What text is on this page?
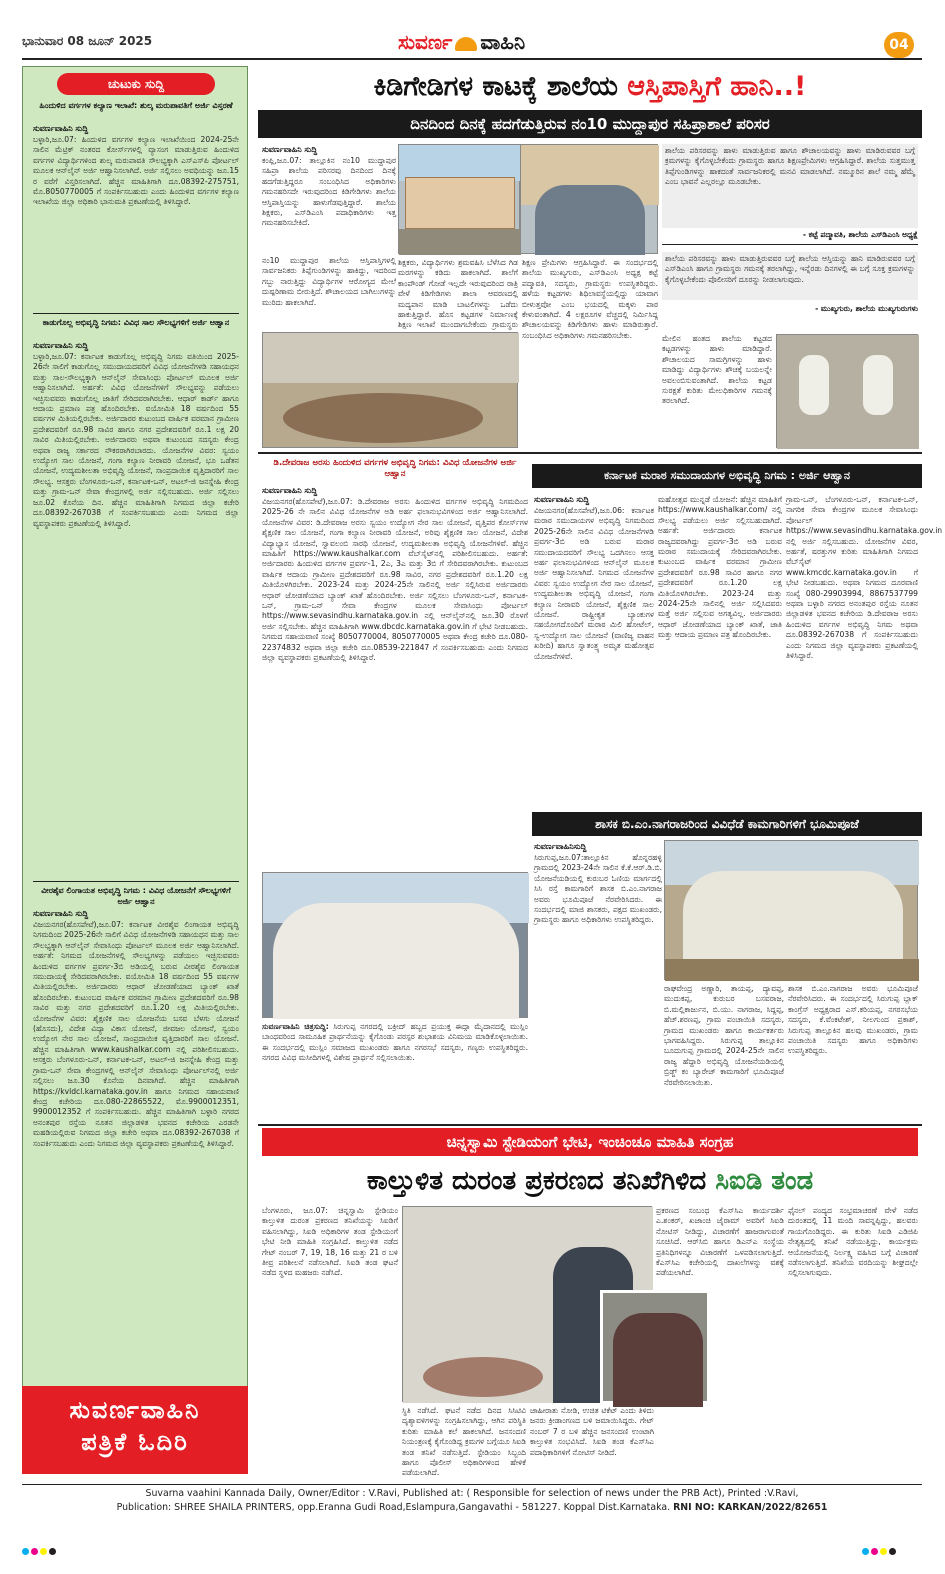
ಭಾನುವಾರ 08 ಜೂನ್ 2025	ಸುವರ್ಣ ವಾಹಿನಿ	04
ಚುಟುಕು ಸುದ್ದಿ
ಹಿಂದುಳಿದ ವರ್ಗಗಳ ಕಲ್ಯಾಣ ಇಲಾಖೆ: ಶುಲ್ಕ ಮರುಪಾವತಿಗೆ ಅರ್ಜಿ ವಿಸ್ತರಣೆ
ಸುವರ್ಣವಾಹಿನಿ ಸುದ್ದಿ
ಬಳ್ಳಾರಿ,ಜೂ.07: ಹಿಂದುಳಿದ ವರ್ಗಗಳ ಕಲ್ಯಾಣ ಇಲಾಖೆಯಿಂದ 2024-25ನೇ ಸಾಲಿನ ಮೆಟ್ರಿಕ್ ನಂತರದ ಕೋರ್ಸ್‌ಗಳಲ್ಲಿ ವ್ಯಾಸಂಗ ಮಾಡುತ್ತಿರುವ ಹಿಂದುಳಿದ ವರ್ಗಗಳ ವಿದ್ಯಾರ್ಥಿಗಳಿಂದ ಶುಲ್ಕ ಮರುಪಾವತಿ ಸೌಲಭ್ಯಕ್ಕಾಗಿ ಎಸ್‌ಎಸ್‌ಪಿ ಪೋರ್ಟಲ್ ಮೂಲಕ ಆನ್‌ಲೈನ್ ಅರ್ಜಿ ಆಹ್ವಾನಿಸಲಾಗಿದೆ. ಅರ್ಜಿ ಸಲ್ಲಿಸಲು ಅವಧಿಯನ್ನು ಜೂ.15 ರ ವರೆಗೆ ವಿಸ್ತರಿಸಲಾಗಿದೆ. ಹೆಚ್ಚಿನ ಮಾಹಿತಿಗಾಗಿ ದೂ.08392-275751, ಮೊ.8050770005 ಗೆ ಸಂಪರ್ಕಿಸಬಹುದು ಎಂದು ಹಿಂದುಳಿದ ವರ್ಗಗಳ ಕಲ್ಯಾಣ ಇಲಾಖೆಯ ಜಿಲ್ಲಾ ಅಧಿಕಾರಿ ಭಾನುಮತಿ ಪ್ರಕಟಣೆಯಲ್ಲಿ ತಿಳಿಸಿದ್ದಾರೆ.
ಕಾಡುಗೊಲ್ಲ ಅಭಿವೃದ್ಧಿ ನಿಗಮ: ವಿವಿಧ ಸಾಲ ಸೌಲಭ್ಯಗಳಿಗೆ ಅರ್ಜಿ ಆಹ್ವಾನ
ಸುವರ್ಣವಾಹಿನಿ ಸುದ್ದಿ
ಬಳ್ಳಾರಿ,ಜೂ.07: ಕರ್ನಾಟಕ ಕಾಡುಗೊಲ್ಲ ಅಭಿವೃದ್ಧಿ ನಿಗಮ ವತಿಯಿಂದ 2025-26ನೇ ಸಾಲಿಗೆ ಕಾಡುಗೊಲ್ಲ ಸಮುದಾಯದವರಿಗೆ ವಿವಿಧ ಯೋಜನೆಗಳಡಿ ಸಹಾಯಧನ ಮತ್ತು ಸಾಲ-ಸೌಲಭ್ಯಕ್ಕಾಗಿ ಆನ್‌ಲೈನ್ ಸೇವಾಸಿಂಧು ಪೋರ್ಟಲ್ ಮೂಲಕ ಅರ್ಜಿ ಆಹ್ವಾನಿಸಲಾಗಿದೆ. ಅರ್ಹತೆ: ವಿವಿಧ ಯೋಜನೆಗಳಿಗೆ ಸೌಲಭ್ಯವನ್ನು ಪಡೆಯಲು ಇಚ್ಛಿಸುವವರು ಕಾಡುಗೊಲ್ಲ ಜಾತಿಗೆ ಸೇರಿದವರಾಗಿರಬೇಕು. ಆಧಾರ್ ಕಾರ್ಡ್ ಹಾಗೂ ಆದಾಯ ಪ್ರಮಾಣ ಪತ್ರ ಹೊಂದಿರಬೇಕು. ವಯೋಮಿತಿ 18 ವರ್ಷದಿಂದ 55 ವರ್ಷಗಳ ಮಿತಿಯಲ್ಲಿರಬೇಕು. ಅರ್ಜಿದಾರರ ಕುಟುಂಬದ ವಾರ್ಷಿಕ ವರಮಾನ ಗ್ರಾಮೀಣ ಪ್ರದೇಶದವರಿಗೆ ರೂ.98 ಸಾವಿರ ಹಾಗೂ ನಗರ ಪ್ರದೇಶದವರಿಗೆ ರೂ.1 ಲಕ್ಷ 20 ಸಾವಿರ ಮಿತಿಯಲ್ಲಿರಬೇಕು. ಅರ್ಜಿದಾರರು ಅಥವಾ ಕುಟುಂಬದ ಸದಸ್ಯರು ಕೇಂದ್ರ ಅಥವಾ ರಾಜ್ಯ ಸರ್ಕಾರದ ನೌಕರರಾಗಿರಬಾರದು. ಯೋಜನೆಗಳ ವಿವರ: ಸ್ವಯಂ ಉದ್ಯೋಗ ಸಾಲ ಯೋಜನೆ, ಗಂಗಾ ಕಲ್ಯಾಣ ನೀರಾವರಿ ಯೋಜನೆ, ಭೂ ಒಡೆತನ ಯೋಜನೆ, ಉದ್ಯಮಶೀಲತಾ ಅಭಿವೃದ್ಧಿ ಯೋಜನೆ, ಸಾಂಪ್ರದಾಯಿಕ ವೃತ್ತಿದಾರರಿಗೆ ಸಾಲ ಸೌಲಭ್ಯ. ಆಸಕ್ತರು ಬೆಂಗಳೂರು-ಒನ್, ಕರ್ನಾಟಕ-ಒನ್, ಅಟಲ್-ಜಿ ಜನಸ್ನೇಹಿ ಕೇಂದ್ರ ಮತ್ತು ಗ್ರಾಮ-ಒನ್ ಸೇವಾ ಕೇಂದ್ರಗಳಲ್ಲಿ ಅರ್ಜಿ ಸಲ್ಲಿಸಬಹುದು. ಅರ್ಜಿ ಸಲ್ಲಿಸಲು ಜೂ.02 ಕೊನೆಯ ದಿನ. ಹೆಚ್ಚಿನ ಮಾಹಿತಿಗಾಗಿ ನಿಗಮದ ಜಿಲ್ಲಾ ಕಚೇರಿ ದೂ.08392-267038 ಗೆ ಸಂಪರ್ಕಿಸಬಹುದು ಎಂದು ನಿಗಮದ ಜಿಲ್ಲಾ ವ್ಯವಸ್ಥಾಪಕರು ಪ್ರಕಟಣೆಯಲ್ಲಿ ತಿಳಿಸಿದ್ದಾರೆ.
ವೀರಶೈವ ಲಿಂಗಾಯತ ಅಭಿವೃದ್ಧಿ ನಿಗಮ : ವಿವಿಧ ಯೋಜನೆಗೆ ಸೌಲಭ್ಯಗಳಿಗೆ ಅರ್ಜಿ ಆಹ್ವಾನ
ಸುವರ್ಣವಾಹಿನಿ ಸುದ್ದಿ
ವಿಜಯನಗರ(ಹೊಸಪೇಟೆ),ಜೂ.07: ಕರ್ನಾಟಕ ವೀರಶೈವ ಲಿಂಗಾಯತ ಅಭಿವೃದ್ಧಿ ನಿಗಮದಿಂದ 2025-26ನೇ ಸಾಲಿಗೆ ವಿವಿಧ ಯೋಜನೆಗಳಡಿ ಸಹಾಯಧನ ಮತ್ತು ಸಾಲ ಸೌಲಭ್ಯಕ್ಕಾಗಿ ಆನ್‌ಲೈನ್ ಸೇವಾಸಿಂಧು ಪೋರ್ಟಲ್ ಮೂಲಕ ಅರ್ಜಿ ಆಹ್ವಾನಿಸಲಾಗಿದೆ. ಅರ್ಹತೆ: ನಿಗಮದ ಯೋಜನೆಗಳಲ್ಲಿ ಸೌಲಭ್ಯಗಳನ್ನು ಪಡೆಯಲು ಇಚ್ಛಿಸುವವರು ಹಿಂದುಳಿದ ವರ್ಗಗಳ ಪ್ರವರ್ಗ-3ಬಿ ಅಡಿಯಲ್ಲಿ ಬರುವ ವೀರಶೈವ ಲಿಂಗಾಯತ ಸಮುದಾಯಕ್ಕೆ ಸೇರಿದವರಾಗಿರಬೇಕು. ವಯೋಮಿತಿ 18 ವರ್ಷದಿಂದ 55 ವರ್ಷಗಳ ಮಿತಿಯಲ್ಲಿರಬೇಕು. ಅರ್ಜಿದಾರರು ಆಧಾರ್ ಜೋಡಣೆಯಾದ ಬ್ಯಾಂಕ್ ಖಾತೆ ಹೊಂದಿರಬೇಕು. ಕುಟುಂಬದ ವಾರ್ಷಿಕ ವರಮಾನ ಗ್ರಾಮೀಣ ಪ್ರದೇಶದವರಿಗೆ ರೂ.98 ಸಾವಿರ ಮತ್ತು ನಗರ ಪ್ರದೇಶದವರಿಗೆ ರೂ.1.20 ಲಕ್ಷ ಮಿತಿಯಲ್ಲಿರಬೇಕು. ಯೋಜನೆಗಳ ವಿವರ: ಶೈಕ್ಷಣಿಕ ಸಾಲ ಯೋಜನೆಯ ಬಸವ ಬೆಳಗು ಯೋಜನೆ (ಹೊಸದು), ವಿದೇಶ ವಿದ್ಯಾ ವಿಕಾಸ ಯೋಜನೆ, ಜೀವಜಲ ಯೋಜನೆ, ಸ್ವಯಂ ಉದ್ಯೋಗ ನೇರ ಸಾಲ ಯೋಜನೆ, ಸಾಂಪ್ರದಾಯಿಕ ವೃತ್ತಿದಾರರಿಗೆ ಸಾಲ ಯೋಜನೆ. ಹೆಚ್ಚಿನ ಮಾಹಿತಿಗಾಗಿ www.kaushalkar.com ನಲ್ಲಿ ಪರಿಶೀಲಿಸಬಹುದು. ಆಸಕ್ತರು ಬೆಂಗಳೂರು-ಒನ್, ಕರ್ನಾಟಕ-ಒನ್, ಅಟಲ್-ಜಿ ಜನಸ್ನೇಹಿ ಕೇಂದ್ರ ಮತ್ತು ಗ್ರಾಮ-ಒನ್ ಸೇವಾ ಕೇಂದ್ರಗಳಲ್ಲಿ ಆನ್‌ಲೈನ್ ಸೇವಾಸಿಂಧು ಪೋರ್ಟಲ್‌ನಲ್ಲಿ ಅರ್ಜಿ ಸಲ್ಲಿಸಲು ಜೂ.30 ಕೊನೆಯ ದಿನವಾಗಿದೆ. ಹೆಚ್ಚಿನ ಮಾಹಿತಿಗಾಗಿ https://kvldcl.karnataka.gov.in ಹಾಗೂ ನಿಗಮದ ಸಹಾಯವಾಣಿ ಕೇಂದ್ರ ಕಚೇರಿಯ ದೂ.080-22865522, ಮೊ.9900012351, 9900012352 ಗೆ ಸಂಪರ್ಕಿಸಬಹುದು. ಹೆಚ್ಚಿನ ಮಾಹಿತಿಗಾಗಿ ಬಳ್ಳಾರಿ ನಗರದ ಅನಂತಪುರ ರಸ್ತೆಯ ನೂತನ ಜಿಲ್ಲಾಡಳಿತ ಭವನದ ಕಚೇರಿಯ ಎರಡನೇ ಮಹಡಿಯಲ್ಲಿರುವ ನಿಗಮದ ಜಿಲ್ಲಾ ಕಚೇರಿ ಅಥವಾ ದೂ.08392-267038 ಗೆ ಸಂಪರ್ಕಿಸಬಹುದು ಎಂದು ನಿಗಮದ ಜಿಲ್ಲಾ ವ್ಯವಸ್ಥಾಪಕರು ಪ್ರಕಟಣೆಯಲ್ಲಿ ತಿಳಿಸಿದ್ದಾರೆ.
ಸುವರ್ಣವಾಹಿನಿ
ಪತ್ರಿಕೆ ಓದಿರಿ
ಕಿಡಿಗೇಡಿಗಳ ಕಾಟಕ್ಕೆ ಶಾಲೆಯ ಆಸ್ತಿಪಾಸ್ತಿಗೆ ಹಾನಿ..!
ದಿನದಿಂದ ದಿನಕ್ಕೆ ಹದಗೆಡುತ್ತಿರುವ ನಂ10 ಮುದ್ದಾಪುರ ಸಹಿಪ್ರಾಶಾಲೆ ಪರಿಸರ
ಸುವರ್ಣವಾಹಿನಿ ಸುದ್ದಿ
ಕಂಪ್ಲಿ,ಜೂ.07: ತಾಲ್ಲೂಕಿನ ನಂ10 ಮುದ್ದಾಪುರ ಸಹಿಪ್ರಾ ಶಾಲೆಯ ಪರಿಸರವು ದಿನದಿಂದ ದಿನಕ್ಕೆ ಹದಗೆಡುತ್ತಿದ್ದರೂ ಸಂಬಂಧಿಸಿದ ಅಧಿಕಾರಿಗಳು ಗಮನಹರಿಸದೇ ಇರುವುದರಿಂದ ಕಿಡಿಗೇಡಿಗಳು ಶಾಲೆಯ ಆಸ್ತಿಪಾಸ್ತಿಯನ್ನು ಹಾಳುಗೆಡವುತ್ತಿದ್ದಾರೆ. ಶಾಲೆಯ ಶಿಕ್ಷಕರು, ಎಸ್‌ಡಿಎಂಸಿ ಪದಾಧಿಕಾರಿಗಳು ಇತ್ತ ಗಮನಹರಿಸಬೇಕಿದೆ.
ನಂ10 ಮುದ್ದಾಪುರ ಶಾಲೆಯ ಆಸ್ತಿಪಾಸ್ತಿಗಳಲ್ಲಿ ಸಾರ್ವಜನಿಕರು ತಿಪ್ಪೆಗುಂಡಿಗಳನ್ನು ಹಾಕಿದ್ದು, ಇದರಿಂದ ಗಬ್ಬು ನಾರುತ್ತಿದ್ದು ವಿದ್ಯಾರ್ಥಿಗಳ ಆರೋಗ್ಯದ ಮೇಲೆ ದುಷ್ಪರಿಣಾಮ ಬೀರುತ್ತಿದೆ. ಶೌಚಾಲಯದ ಬಾಗಿಲುಗಳನ್ನು ಮುರಿದು ಹಾಕಲಾಗಿದೆ.
ಶಿಕ್ಷಕರು, ವಿದ್ಯಾರ್ಥಿಗಳು ಶ್ರಮವಹಿಸಿ ಬೆಳೆಸಿದ ಗಿಡ ಮರಗಳನ್ನು ಕಡಿದು ಹಾಕಲಾಗಿದೆ. ಶಾಲೆಗೆ ಕಾಂಪೌಂಡ್ ಗೋಡೆ ಇಲ್ಲದೇ ಇರುವುದರಿಂದ ರಾತ್ರಿ ವೇಳೆ ಕಿಡಿಗೇಡಿಗಳು ಶಾಲಾ ಆವರಣದಲ್ಲಿ ಮದ್ಯಪಾನ ಮಾಡಿ ಬಾಟಲಿಗಳನ್ನು ಒಡೆದು ಹಾಕುತ್ತಿದ್ದಾರೆ. ಹೊಸ ಕಟ್ಟಡಗಳ ನಿರ್ಮಾಣಕ್ಕೆ ಶಿಕ್ಷಣ ಇಲಾಖೆ ಮುಂದಾಗಬೇಕೆಂದು ಗ್ರಾಮಸ್ಥರು
ಶಿಕ್ಷಣ ಪ್ರೇಮಿಗಳು ಆಗ್ರಹಿಸಿದ್ದಾರೆ. ಈ ಸಂದರ್ಭದಲ್ಲಿ ಶಾಲೆಯ ಮುಖ್ಯಗುರು, ಎಸ್‌ಡಿಎಂಸಿ ಅಧ್ಯಕ್ಷ ಕಟ್ಟೆ ಪದ್ಮಾವತಿ, ಸದಸ್ಯರು, ಗ್ರಾಮಸ್ಥರು ಉಪಸ್ಥಿತರಿದ್ದರು. ಹಳೆಯ ಕಟ್ಟಡಗಳು ಶಿಥಿಲಾವಸ್ಥೆಯಲ್ಲಿದ್ದು ಯಾವಾಗ ಬೀಳುತ್ತವೋ ಎಂಬ ಭಯದಲ್ಲಿ ಮಕ್ಕಳು ಪಾಠ ಕೇಳುವಂತಾಗಿದೆ. 4 ಲಕ್ಷರೂಗಳ ವೆಚ್ಚದಲ್ಲಿ ನಿರ್ಮಿಸಿದ್ದ ಶೌಚಾಲಯವನ್ನು ಕಿಡಿಗೇಡಿಗಳು ಹಾಳು ಮಾಡಿರುತ್ತಾರೆ. ಸಂಬಂಧಿಸಿದ ಅಧಿಕಾರಿಗಳು ಗಮನಹರಿಸಬೇಕು.
ಶಾಲೆಯ ಪರಿಸರವನ್ನು ಹಾಳು ಮಾಡುತ್ತಿರುವ ಹಾಗೂ ಶೌಚಾಲಯವನ್ನು ಹಾಳು ಮಾಡಿರುವವರ ಬಗ್ಗೆ ಕ್ರಮಗಳನ್ನು ಕೈಗೊಳ್ಳಬೇಕೆಂದು ಗ್ರಾಮಸ್ಥರು ಹಾಗೂ ಶಿಕ್ಷಣಪ್ರೇಮಿಗಳು ಆಗ್ರಹಿಸಿದ್ದಾರೆ. ಶಾಲೆಯ ಸುತ್ತಮುತ್ತ ತಿಪ್ಪೆಗುಂಡಿಗಳನ್ನು ಹಾಕದಂತೆ ಸಾರ್ವಜನಿಕರಲ್ಲಿ ಮನವಿ ಮಾಡಲಾಗಿದೆ. ನಮ್ಮೂರಿನ ಶಾಲೆ ನಮ್ಮ ಹೆಮ್ಮೆ ಎಂಬ ಭಾವನೆ ಎಲ್ಲರಲ್ಲೂ ಮೂಡಬೇಕು.
- ಕಟ್ಟೆ ಪದ್ಮಾವತಿ, ಶಾಲೆಯ ಎಸ್‌ಡಿಎಂಸಿ ಅಧ್ಯಕ್ಷೆ
ಶಾಲೆಯ ಪರಿಸರವನ್ನು ಹಾಳು ಮಾಡುತ್ತಿರುವವರ ಬಗ್ಗೆ ಶಾಲೆಯ ಆಸ್ತಿಯನ್ನು ಹಾನಿ ಮಾಡಿರುವವರ ಬಗ್ಗೆ ಎಸ್‌ಡಿಎಂಸಿ ಹಾಗೂ ಗ್ರಾಮಸ್ಥರು ಗಮನಕ್ಕೆ ತರಲಾಗಿದ್ದು, ಇನ್ನೆರಡು ದಿನಗಳಲ್ಲಿ ಈ ಬಗ್ಗೆ ಸೂಕ್ತ ಕ್ರಮಗಳನ್ನು ಕೈಗೊಳ್ಳಬೇಕೆಂದು ಪೊಲೀಸರಿಗೆ ದೂರನ್ನು ನೀಡಲಾಗುವುದು.
- ಮುಖ್ಯಗುರು, ಶಾಲೆಯ ಮುಖ್ಯಗುರುಗಳು
ಮೇಲಿನ ಹಂತದ ಶಾಲೆಯ ಕಟ್ಟಡದ ಕಟ್ಟಡಗಳನ್ನು ಹಾಳು ಮಾಡಿದ್ದಾರೆ. ಶೌಚಾಲಯದ ಸಾಮಗ್ರಿಗಳನ್ನು ಹಾಳು ಮಾಡಿದ್ದು ವಿದ್ಯಾರ್ಥಿಗಳು ಶೌಚಕ್ಕೆ ಬಯಲನ್ನೇ ಅವಲಂಬಿಸುವಂತಾಗಿದೆ. ಶಾಲೆಯ ಕಟ್ಟಡ ಸುರಕ್ಷತೆ ಕುರಿತು ಮೇಲಧಿಕಾರಿಗಳ ಗಮನಕ್ಕೆ ತರಲಾಗಿದೆ.
ಡಿ.ದೇವರಾಜ ಅರಸು ಹಿಂದುಳಿದ ವರ್ಗಗಳ ಅಭಿವೃದ್ಧಿ ನಿಗಮ: ವಿವಿಧ ಯೋಜನೆಗಳ ಅರ್ಜಿ ಆಹ್ವಾನ
ಸುವರ್ಣವಾಹಿನಿ ಸುದ್ದಿ
ವಿಜಯನಗರ(ಹೊಸಪೇಟೆ),ಜೂ.07: ಡಿ.ದೇವರಾಜ ಅರಸು ಹಿಂದುಳಿದ ವರ್ಗಗಳ ಅಭಿವೃದ್ಧಿ ನಿಗಮದಿಂದ 2025-26 ನೇ ಸಾಲಿನ ವಿವಿಧ ಯೋಜನೆಗಳ ಅಡಿ ಅರ್ಹ ಫಲಾನುಭವಿಗಳಿಂದ ಅರ್ಜಿ ಆಹ್ವಾನಿಸಲಾಗಿದೆ. ಯೋಜನೆಗಳ ವಿವರ: ಡಿ.ದೇವರಾಜ ಅರಸು ಸ್ವಯಂ ಉದ್ಯೋಗ ನೇರ ಸಾಲ ಯೋಜನೆ, ವೃತ್ತಿಪರ ಕೋರ್ಸ್‌ಗಳ ಶೈಕ್ಷಣಿಕ ಸಾಲ ಯೋಜನೆ, ಗಂಗಾ ಕಲ್ಯಾಣ ನೀರಾವರಿ ಯೋಜನೆ, ಅರಿವು ಶೈಕ್ಷಣಿಕ ಸಾಲ ಯೋಜನೆ, ವಿದೇಶ ವಿದ್ಯಾಭ್ಯಾಸ ಯೋಜನೆ, ಸ್ವಾವಲಂಬಿ ಸಾರಥಿ ಯೋಜನೆ, ಉದ್ಯಮಶೀಲತಾ ಅಭಿವೃದ್ಧಿ ಯೋಜನೆಗಳಿವೆ. ಹೆಚ್ಚಿನ ಮಾಹಿತಿಗೆ https://www.kaushalkar.com ವೆಬ್‌ಸೈಟ್‌ನಲ್ಲಿ ಪರಿಶೀಲಿಸಬಹುದು. ಅರ್ಹತೆ: ಅರ್ಜಿದಾರರು ಹಿಂದುಳಿದ ವರ್ಗಗಳ ಪ್ರವರ್ಗ-1, 2ಎ, 3ಎ ಮತ್ತು 3ಬಿ ಗೆ ಸೇರಿದವರಾಗಿರಬೇಕು. ಕುಟುಂಬದ ವಾರ್ಷಿಕ ಆದಾಯ ಗ್ರಾಮೀಣ ಪ್ರದೇಶದವರಿಗೆ ರೂ.98 ಸಾವಿರ, ನಗರ ಪ್ರದೇಶದವರಿಗೆ ರೂ.1.20 ಲಕ್ಷ ಮಿತಿಯೊಳಗಿರಬೇಕು. 2023-24 ಮತ್ತು 2024-25ನೇ ಸಾಲಿನಲ್ಲಿ ಅರ್ಜಿ ಸಲ್ಲಿಸಿರುವ ಅರ್ಜಿದಾರರು ಆಧಾರ್ ಜೋಡಣೆಯಾದ ಬ್ಯಾಂಕ್ ಖಾತೆ ಹೊಂದಿರಬೇಕು. ಅರ್ಜಿ ಸಲ್ಲಿಸಲು ಬೆಂಗಳೂರು-ಒನ್, ಕರ್ನಾಟಕ-ಒನ್, ಗ್ರಾಮ-ಒನ್ ಸೇವಾ ಕೇಂದ್ರಗಳ ಮೂಲಕ ಸೇವಾಸಿಂಧು ಪೋರ್ಟಲ್ https://www.sevasindhu.karnataka.gov.in ನಲ್ಲಿ ಆನ್‌ಲೈನ್‌ನಲ್ಲಿ ಜೂ.30 ರೊಳಗೆ ಅರ್ಜಿ ಸಲ್ಲಿಸಬೇಕು. ಹೆಚ್ಚಿನ ಮಾಹಿತಿಗಾಗಿ www.dbcdc.karnataka.gov.in ಗೆ ಭೇಟಿ ನೀಡಬಹುದು. ನಿಗಮದ ಸಹಾಯವಾಣಿ ಸಂಖ್ಯೆ 8050770004, 8050770005 ಅಥವಾ ಕೇಂದ್ರ ಕಚೇರಿ ದೂ.080-22374832 ಅಥವಾ ಜಿಲ್ಲಾ ಕಚೇರಿ ದೂ.08539-221847 ಗೆ ಸಂಪರ್ಕಿಸಬಹುದು ಎಂದು ನಿಗಮದ ಜಿಲ್ಲಾ ವ್ಯವಸ್ಥಾಪಕರು ಪ್ರಕಟಣೆಯಲ್ಲಿ ತಿಳಿಸಿದ್ದಾರೆ.
ಕರ್ನಾಟಕ ಮರಾಠ ಸಮುದಾಯಗಳ ಅಭಿವೃದ್ಧಿ ನಿಗಮ : ಅರ್ಜಿ ಆಹ್ವಾನ
ಸುವರ್ಣವಾಹಿನಿ ಸುದ್ದಿ
ವಿಜಯನಗರ(ಹೊಸಪೇಟೆ),ಜೂ.06: ಕರ್ನಾಟಕ ಮರಾಠ ಸಮುದಾಯಗಳ ಅಭಿವೃದ್ಧಿ ನಿಗಮದಿಂದ 2025-26ನೇ ಸಾಲಿನ ವಿವಿಧ ಯೋಜನೆಗಳಡಿ ಪ್ರವರ್ಗ-3ಬಿ ಅಡಿ ಬರುವ ಮರಾಠ ಸಮುದಾಯದವರಿಗೆ ಸೌಲಭ್ಯ ಒದಗಿಸಲು ಆಸಕ್ತ ಅರ್ಹ ಫಲಾನುಭವಿಗಳಿಂದ ಆನ್‌ಲೈನ್ ಮೂಲಕ ಅರ್ಜಿ ಆಹ್ವಾನಿಸಲಾಗಿದೆ. ನಿಗಮದ ಯೋಜನೆಗಳ ವಿವರ: ಸ್ವಯಂ ಉದ್ಯೋಗ ನೇರ ಸಾಲ ಯೋಜನೆ, ಉದ್ಯಮಶೀಲತಾ ಅಭಿವೃದ್ಧಿ ಯೋಜನೆ, ಗಂಗಾ ಕಲ್ಯಾಣ ನೀರಾವರಿ ಯೋಜನೆ, ಶೈಕ್ಷಣಿಕ ಸಾಲ ಯೋಜನೆ. ರಾಷ್ಟ್ರೀಕೃತ ಬ್ಯಾಂಕುಗಳ ಸಹಯೋಗದೊಂದಿಗೆ ಮರಾಠ ಮಿಲಿ ಹೋಟೆಲ್, ಸ್ವ-ಉದ್ಯೋಗ ಸಾಲ ಯೋಜನೆ (ವಾಣಿಜ್ಯ ವಾಹನ ಖರೀದಿ) ಹಾಗೂ ಸ್ವಾತಂತ್ರ್ಯ ಅಮೃತ ಮಹೋತ್ಸವ ಯೋಜನೆಗಳಿವೆ.
ಮಹೋತ್ಸವ ಮುನ್ನಡೆ ಯೋಜನೆ: ಹೆಚ್ಚಿನ ಮಾಹಿತಿಗೆ https://www.kaushalkar.com/ ನಲ್ಲಿ ಸೌಲಭ್ಯ ಪಡೆಯಲು ಅರ್ಜಿ ಸಲ್ಲಿಸಬಹುದಾಗಿದೆ. ಅರ್ಹತೆ: ಅರ್ಜಿದಾರರು ಕರ್ನಾಟಕ ರಾಜ್ಯದವರಾಗಿದ್ದು ಪ್ರವರ್ಗ-3ಬಿ ಅಡಿ ಬರುವ ಮರಾಠ ಸಮುದಾಯಕ್ಕೆ ಸೇರಿದವರಾಗಿರಬೇಕು. ಕುಟುಂಬದ ವಾರ್ಷಿಕ ವರಮಾನ ಗ್ರಾಮೀಣ ಪ್ರದೇಶದವರಿಗೆ ರೂ.98 ಸಾವಿರ ಹಾಗೂ ನಗರ ಪ್ರದೇಶದವರಿಗೆ ರೂ.1.20 ಲಕ್ಷ ಮಿತಿಯೊಳಗಿರಬೇಕು. 2023-24 ಮತ್ತು 2024-25ನೇ ಸಾಲಿನಲ್ಲಿ ಅರ್ಜಿ ಸಲ್ಲಿಸಿದವರು ಮತ್ತೆ ಅರ್ಜಿ ಸಲ್ಲಿಸುವ ಅಗತ್ಯವಿಲ್ಲ. ಅರ್ಜಿದಾರರು ಆಧಾರ್ ಜೋಡಣೆಯಾದ ಬ್ಯಾಂಕ್ ಖಾತೆ, ಜಾತಿ ಮತ್ತು ಆದಾಯ ಪ್ರಮಾಣ ಪತ್ರ ಹೊಂದಿರಬೇಕು.
ಗ್ರಾಮ-ಒನ್, ಬೆಂಗಳೂರು-ಒನ್, ಕರ್ನಾಟಕ-ಒನ್, ನಾಗರಿಕ ಸೇವಾ ಕೇಂದ್ರಗಳ ಮೂಲಕ ಸೇವಾಸಿಂಧು ಪೋರ್ಟಲ್ https://www.sevasindhu.karnataka.gov.in ನಲ್ಲಿ ಅರ್ಜಿ ಸಲ್ಲಿಸಬಹುದು. ಯೋಜನೆಗಳ ವಿವರ, ಅರ್ಹತೆ, ಷರತ್ತುಗಳ ಕುರಿತು ಮಾಹಿತಿಗಾಗಿ ನಿಗಮದ ವೆಬ್‌ಸೈಟ್ www.kmcdc.karnataka.gov.in ಗೆ ಭೇಟಿ ನೀಡಬಹುದು. ಅಥವಾ ನಿಗಮದ ದೂರವಾಣಿ ಸಂಖ್ಯೆ 080-29903994, 8867537799 ಅಥವಾ ಬಳ್ಳಾರಿ ನಗರದ ಅನಂತಪುರ ರಸ್ತೆಯ ನೂತನ ಜಿಲ್ಲಾಡಳಿತ ಭವನದ ಕಚೇರಿಯ ಡಿ.ದೇವರಾಜ ಅರಸು ಹಿಂದುಳಿದ ವರ್ಗಗಳ ಅಭಿವೃದ್ಧಿ ನಿಗಮ ಅಥವಾ ದೂ.08392-267038 ಗೆ ಸಂಪರ್ಕಿಸಬಹುದು ಎಂದು ನಿಗಮದ ಜಿಲ್ಲಾ ವ್ಯವಸ್ಥಾಪಕರು ಪ್ರಕಟಣೆಯಲ್ಲಿ ತಿಳಿಸಿದ್ದಾರೆ.
ಶಾಸಕ ಬಿ.ಎಂ.ನಾಗರಾಜರಿಂದ ವಿವಿಧೆಡೆ ಕಾಮಗಾರಿಗಳಿಗೆ ಭೂಮಿಪೂಜೆ
ಸುವರ್ಣವಾಹಿನಿಸುದ್ದಿ
ಸಿರುಗುಪ್ಪ,ಜೂ.07:ತಾಲ್ಲೂಕಿನ ಹೊನ್ನರಹಳ್ಳಿ ಗ್ರಾಮದಲ್ಲಿ 2023-24ನೇ ಸಾಲಿನ ಕೆ.ಕೆ.ಆರ್.ಡಿ.ಬಿ. ಯೋಜನೆಯಡಿಯಲ್ಲಿ ಕುರುಬರ ಓಣಿಯ ಮಾರ್ಗದಲ್ಲಿ ಸಿಸಿ ರಸ್ತೆ ಕಾಮಗಾರಿಗೆ ಶಾಸಕ ಬಿ.ಎಂ.ನಾಗರಾಜ ಅವರು ಭೂಮಿಪೂಜೆ ನೆರವೇರಿಸಿದರು. ಈ ಸಂದರ್ಭದಲ್ಲಿ ಮಾಜಿ ಶಾಸಕರು, ಪಕ್ಷದ ಮುಖಂಡರು, ಗ್ರಾಮಸ್ಥರು ಹಾಗೂ ಅಧಿಕಾರಿಗಳು ಉಪಸ್ಥಿತರಿದ್ದರು.
ರಾಘವೇಂದ್ರ ಅಣ್ಣಾರಿ, ತಾಯಪ್ಪ, ದ್ಯಾವಪ್ಪ, ಮುದುಕಪ್ಪ, ಕುರುಬರ ಬಸವರಾಜ, ಬಿ.ಮಲ್ಲಿಕಾರ್ಜುನ, ಬಿ.ಯು. ನಾಗರಾಜ, ಸಿದ್ದಪ್ಪ, ಹೆಚ್.ಶರಣಪ್ಪ, ಗ್ರಾಮ ಪಂಚಾಯಿತಿ ಸದಸ್ಯರು, ಗ್ರಾಮದ ಮುಖಂಡರು ಹಾಗೂ ಕಾರ್ಯಕರ್ತರು ಭಾಗವಹಿಸಿದ್ದರು. ಸಿರುಗುಪ್ಪ ತಾಲ್ಲೂಕಿನ ಬೂದುಗುಪ್ಪ ಗ್ರಾಮದಲ್ಲಿ 2024-25ನೇ ಸಾಲಿನ ರಾಜ್ಯ ಹೆದ್ದಾರಿ ಅಭಿವೃದ್ಧಿ ಯೋಜನೆಯಡಿಯಲ್ಲಿ ಬ್ರಿಡ್ಜ್ ಕಂ ಬ್ಯಾರೇಜ್ ಕಾಮಗಾರಿಗೆ ಭೂಮಿಪೂಜೆ ನೆರವೇರಿಸಲಾಯಿತು.
ಶಾಸಕ ಬಿ.ಎಂ.ನಾಗರಾಜ ಅವರು ಭೂಮಿಪೂಜೆ ನೆರವೇರಿಸಿದರು. ಈ ಸಂದರ್ಭದಲ್ಲಿ ಸಿರುಗುಪ್ಪ ಬ್ಲಾಕ್ ಕಾಂಗ್ರೆಸ್ ಅಧ್ಯಕ್ಷರಾದ ಎಸ್.ಕರಿಯಪ್ಪ, ನಗರಸಭೆಯ ಸದಸ್ಯರು, ಕೆ.ವೆಂಕಟೇಶ್, ನೀಲಗುಂದ ಪ್ರಕಾಶ್, ಸಿರುಗುಪ್ಪ ತಾಲ್ಲೂಕಿನ ಹಲವು ಮುಖಂಡರು, ಗ್ರಾಮ ಪಂಚಾಯಿತಿ ಸದಸ್ಯರು ಹಾಗೂ ಅಧಿಕಾರಿಗಳು ಉಪಸ್ಥಿತರಿದ್ದರು.
ಸುವರ್ಣವಾಹಿನಿ ಚಿತ್ರಸುದ್ದಿ: ಸಿರುಗುಪ್ಪ ನಗರದಲ್ಲಿ ಬಕ್ರೀದ್ ಹಬ್ಬದ ಪ್ರಯುಕ್ತ ಈದ್ಗಾ ಮೈದಾನದಲ್ಲಿ ಮುಸ್ಲಿಂ ಬಾಂಧವರಿಂದ ಸಾಮೂಹಿಕ ಪ್ರಾರ್ಥನೆಯನ್ನು ಕೈಗೊಂಡು ಪರಸ್ಪರ ಶುಭಾಶಯ ವಿನಿಮಯ ಮಾಡಿಕೊಳ್ಳಲಾಯಿತು. ಈ ಸಂದರ್ಭದಲ್ಲಿ ಮುಸ್ಲಿಂ ಸಮಾಜದ ಮುಖಂಡರು ಹಾಗೂ ನಗರಸಭೆ ಸದಸ್ಯರು, ಗಣ್ಯರು ಉಪಸ್ಥಿತರಿದ್ದರು. ನಗರದ ವಿವಿಧ ಮಸೀದಿಗಳಲ್ಲಿ ವಿಶೇಷ ಪ್ರಾರ್ಥನೆ ಸಲ್ಲಿಸಲಾಯಿತು.
ಚಿನ್ನಸ್ವಾಮಿ ಸ್ಟೇಡಿಯಂಗೆ ಭೇಟಿ, ಇಂಚಿಂಚೂ ಮಾಹಿತಿ ಸಂಗ್ರಹ
ಕಾಲ್ತುಳಿತ ದುರಂತ ಪ್ರಕರಣದ ತನಿಖೆಗಿಳಿದ ಸಿಐಡಿ ತಂಡ
ಬೆಂಗಳೂರು, ಜೂ.07: ಚಿನ್ನಸ್ವಾಮಿ ಸ್ಟೇಡಿಯಂ ಕಾಲ್ತುಳಿತ ದುರಂತ ಪ್ರಕರಣದ ತನಿಖೆಯನ್ನು ಸಿಐಡಿಗೆ ವಹಿಸಲಾಗಿದ್ದು, ಸಿಐಡಿ ಅಧಿಕಾರಿಗಳ ತಂಡ ಸ್ಟೇಡಿಯಂಗೆ ಭೇಟಿ ನೀಡಿ ಮಾಹಿತಿ ಸಂಗ್ರಹಿಸಿದೆ. ಕಾಲ್ತುಳಿತ ನಡೆದ ಗೇಟ್ ನಂಬರ್ 7, 19, 18, 16 ಮತ್ತು 21 ರ ಬಳಿ ತೀವ್ರ ಪರಿಶೀಲನೆ ನಡೆಸಲಾಗಿದೆ. ಸಿಐಡಿ ತಂಡ ಘಟನೆ ನಡೆದ ಸ್ಥಳದ ಮಹಜರು ನಡೆಸಿದೆ.
ಸ್ಥಿತಿ ನಡೆಸಿದೆ. ಘಟನೆ ನಡೆದ ದಿನದ ಸಿಸಿಟಿವಿ ದೃಶ್ಯಾವಳಿಗಳನ್ನು ಸಂಗ್ರಹಿಸಲಾಗಿದ್ದು, ಆಗಿನ ಪರಿಸ್ಥಿತಿ ಕುರಿತು ಮಾಹಿತಿ ಕಲೆ ಹಾಕಲಾಗಿದೆ. ಜನಸಂದಣಿ ನಿಯಂತ್ರಣಕ್ಕೆ ಕೈಗೊಂಡಿದ್ದ ಕ್ರಮಗಳ ಬಗ್ಗೆಯೂ ಸಿಐಡಿ ತಂಡ ತನಿಖೆ ನಡೆಸುತ್ತಿದೆ. ಸ್ಟೇಡಿಯಂ ಸಿಬ್ಬಂದಿ ಹಾಗೂ ಪೊಲೀಸ್ ಅಧಿಕಾರಿಗಳಿಂದ ಹೇಳಿಕೆ ಪಡೆಯಲಾಗಿದೆ.
ಜಾಹೀರಾತು ನೋಡಿ, ಉಚಿತ ಟಿಕೆಟ್ ಎಂದು ತಿಳಿದು ಜನರು ಕ್ರೀಡಾಂಗಣದ ಬಳಿ ಜಮಾಯಿಸಿದ್ದರು. ಗೇಟ್ ನಂಬರ್ 7 ರ ಬಳಿ ಹೆಚ್ಚಿನ ಜನಸಂದಣಿ ಉಂಟಾಗಿ ಕಾಲ್ತುಳಿತ ಸಂಭವಿಸಿದೆ. ಸಿಐಡಿ ತಂಡ ಕೆಎಸ್‌ಸಿಎ ಪದಾಧಿಕಾರಿಗಳಿಗೆ ನೋಟಿಸ್ ನೀಡಿದೆ.
ಪ್ರಕರಣದ ಸಂಬಂಧ ಕೆಎಸ್‌ಸಿಎ ಕಾರ್ಯದರ್ಶಿ ಎ.ಶಂಕರ್, ಖಜಾಂಚಿ ಜೈರಾಮ್ ಅವರಿಗೆ ಸಿಐಡಿ ನೋಟಿಸ್ ನೀಡಿದ್ದು, ವಿಚಾರಣೆಗೆ ಹಾಜರಾಗುವಂತೆ ಸೂಚಿಸಿದೆ. ಆರ್‌ಸಿಬಿ ಹಾಗೂ ಡಿಎನ್‌ಎ ಸಂಸ್ಥೆಯ ಪ್ರತಿನಿಧಿಗಳನ್ನೂ ವಿಚಾರಣೆಗೆ ಒಳಪಡಿಸಲಾಗುತ್ತಿದೆ. ಕೆಎಸ್‌ಸಿಎ ಕಚೇರಿಯಲ್ಲಿ ದಾಖಲೆಗಳನ್ನು ವಶಕ್ಕೆ ಪಡೆಯಲಾಗಿದೆ.
ಫೈನಲ್ ಪಂದ್ಯದ ಸಂಭ್ರಮಾಚರಣೆ ವೇಳೆ ನಡೆದ ದುರಂತದಲ್ಲಿ 11 ಮಂದಿ ಸಾವನ್ನಪ್ಪಿದ್ದು, ಹಲವರು ಗಾಯಗೊಂಡಿದ್ದರು. ಈ ಕುರಿತು ಸಿಐಡಿ ಎಡಿಜಿಪಿ ನೇತೃತ್ವದಲ್ಲಿ ತನಿಖೆ ನಡೆಯುತ್ತಿದ್ದು, ಕಾರ್ಯಕ್ರಮ ಆಯೋಜನೆಯಲ್ಲಿ ನಿರ್ಲಕ್ಷ್ಯ ವಹಿಸಿದ ಬಗ್ಗೆ ವಿಚಾರಣೆ ನಡೆಸಲಾಗುತ್ತಿದೆ. ತನಿಖೆಯ ವರದಿಯನ್ನು ಶೀಘ್ರದಲ್ಲೇ ಸಲ್ಲಿಸಲಾಗುವುದು.
Suvarna vaahini Kannada Daily, Owner/Editor : V.Ravi, Published at: ( Responsible for selection of news under the PRB Act), Printed :V.Ravi,
Publication: SHREE SHAILA PRINTERS, opp.Eranna Gudi Road,Eslampura,Gangavathi - 581227. Koppal Dist.Karnataka. RNI NO: KARKAN/2022/82651
